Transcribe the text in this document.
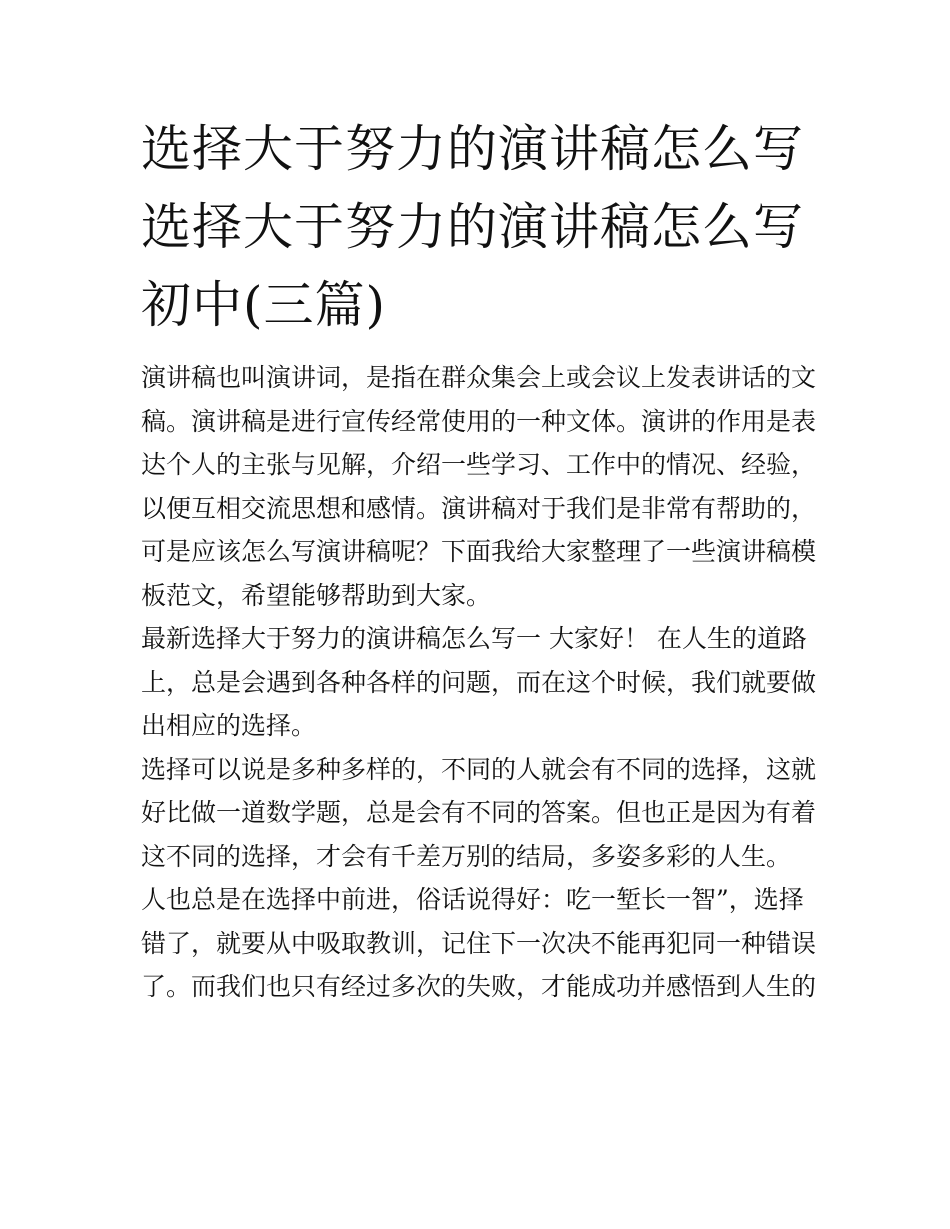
选择大于努力的演讲稿怎么写选择大于努力的演讲稿怎么写初中(三篇)

演讲稿也叫演讲词，是指在群众集会上或会议上发表讲话的文稿。演讲稿是进行宣传经常使用的一种文体。演讲的作用是表达个人的主张与见解，介绍一些学习、工作中的情况、经验，以便互相交流思想和感情。演讲稿对于我们是非常有帮助的，可是应该怎么写演讲稿呢？下面我给大家整理了一些演讲稿模板范文，希望能够帮助到大家。

最新选择大于努力的演讲稿怎么写一 大家好！ 在人生的道路上，总是会遇到各种各样的问题，而在这个时候，我们就要做出相应的选择。

选择可以说是多种多样的，不同的人就会有不同的选择，这就好比做一道数学题，总是会有不同的答案。但也正是因为有着这不同的选择，才会有千差万别的结局，多姿多彩的人生。

人也总是在选择中前进，俗话说得好：吃一堑长一智”，选择错了，就要从中吸取教训，记住下一次决不能再犯同一种错误了。而我们也只有经过多次的失败，才能成功并感悟到人生的
